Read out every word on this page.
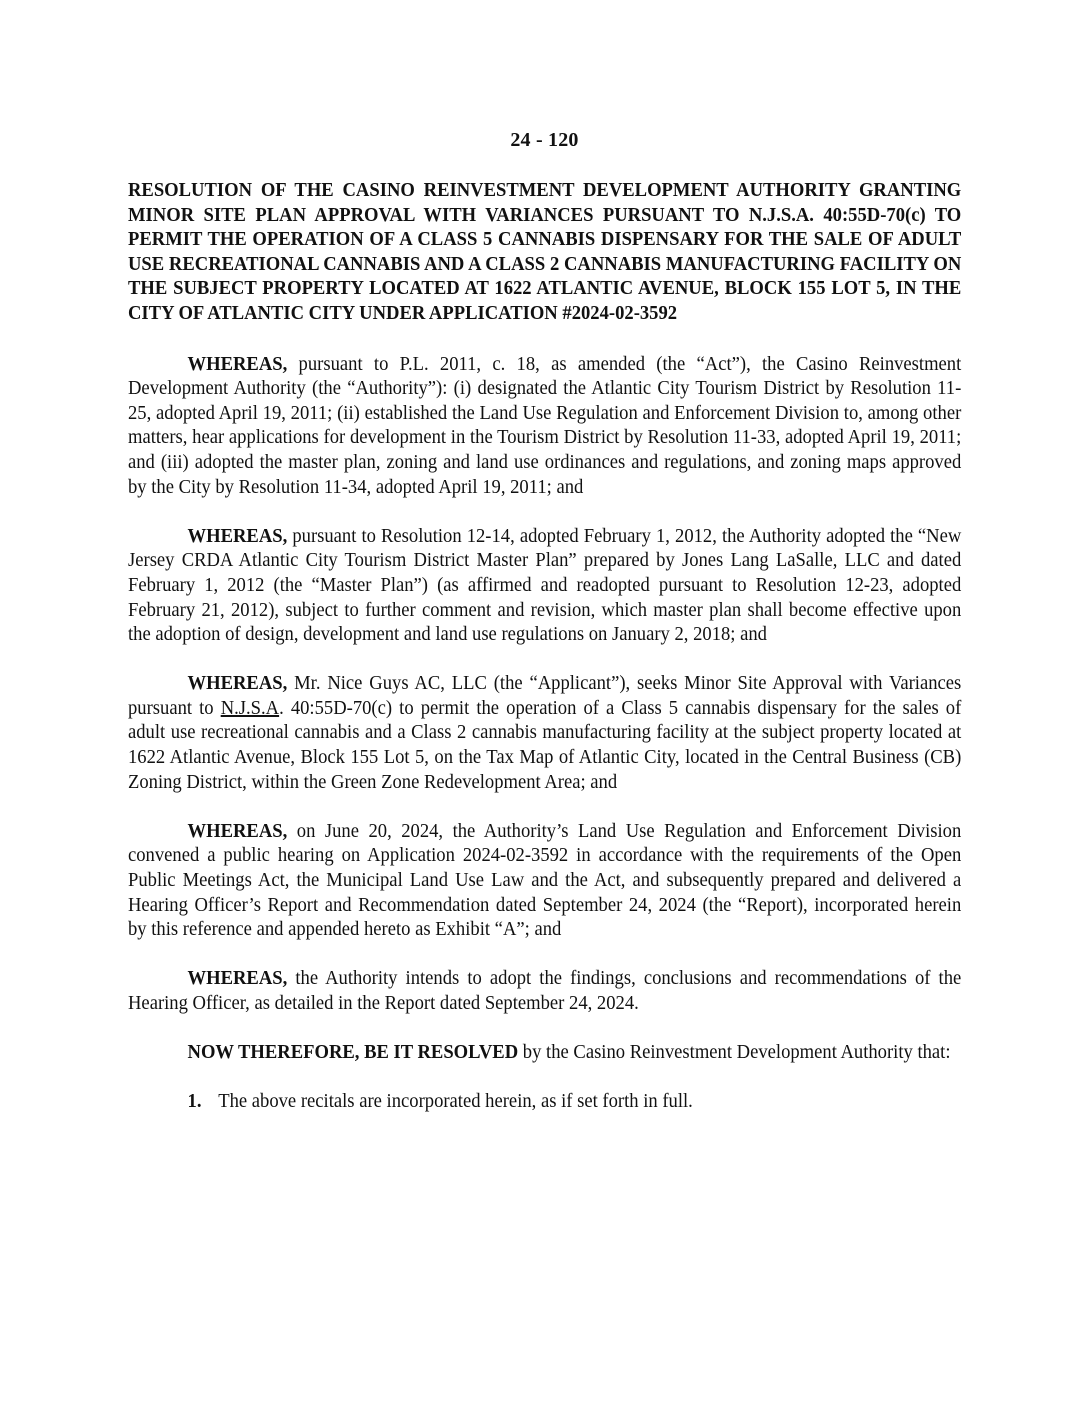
24 - 120
RESOLUTION OF THE CASINO REINVESTMENT DEVELOPMENT AUTHORITY GRANTING MINOR SITE PLAN APPROVAL WITH VARIANCES PURSUANT TO N.J.S.A. 40:55D-70(c) TO PERMIT THE OPERATION OF A CLASS 5 CANNABIS DISPENSARY FOR THE SALE OF ADULT USE RECREATIONAL CANNABIS AND A CLASS 2 CANNABIS MANUFACTURING FACILITY ON THE SUBJECT PROPERTY LOCATED AT 1622 ATLANTIC AVENUE, BLOCK 155 LOT 5, IN THE CITY OF ATLANTIC CITY UNDER APPLICATION #2024-02-3592

WHEREAS, pursuant to P.L. 2011, c. 18, as amended (the “Act”), the Casino Reinvestment Development Authority (the “Authority”): (i) designated the Atlantic City Tourism District by Resolution 11-25, adopted April 19, 2011; (ii) established the Land Use Regulation and Enforcement Division to, among other matters, hear applications for development in the Tourism District by Resolution 11-33, adopted April 19, 2011; and (iii) adopted the master plan, zoning and land use ordinances and regulations, and zoning maps approved by the City by Resolution 11-34, adopted April 19, 2011; and

WHEREAS, pursuant to Resolution 12-14, adopted February 1, 2012, the Authority adopted the “New Jersey CRDA Atlantic City Tourism District Master Plan” prepared by Jones Lang LaSalle, LLC and dated February 1, 2012 (the “Master Plan”) (as affirmed and readopted pursuant to Resolution 12-23, adopted February 21, 2012), subject to further comment and revision, which master plan shall become effective upon the adoption of design, development and land use regulations on January 2, 2018; and

WHEREAS, Mr. Nice Guys AC, LLC (the “Applicant”), seeks Minor Site Approval with Variances pursuant to N.J.S.A. 40:55D-70(c) to permit the operation of a Class 5 cannabis dispensary for the sales of adult use recreational cannabis and a Class 2 cannabis manufacturing facility at the subject property located at 1622 Atlantic Avenue, Block 155 Lot 5, on the Tax Map of Atlantic City, located in the Central Business (CB) Zoning District, within the Green Zone Redevelopment Area; and

WHEREAS, on June 20, 2024, the Authority’s Land Use Regulation and Enforcement Division convened a public hearing on Application 2024-02-3592 in accordance with the requirements of the Open Public Meetings Act, the Municipal Land Use Law and the Act, and subsequently prepared and delivered a Hearing Officer’s Report and Recommendation dated September 24, 2024 (the “Report), incorporated herein by this reference and appended hereto as Exhibit “A”; and

WHEREAS, the Authority intends to adopt the findings, conclusions and recommendations of the Hearing Officer, as detailed in the Report dated September 24, 2024.

NOW THEREFORE, BE IT RESOLVED by the Casino Reinvestment Development Authority that:

1. The above recitals are incorporated herein, as if set forth in full.
